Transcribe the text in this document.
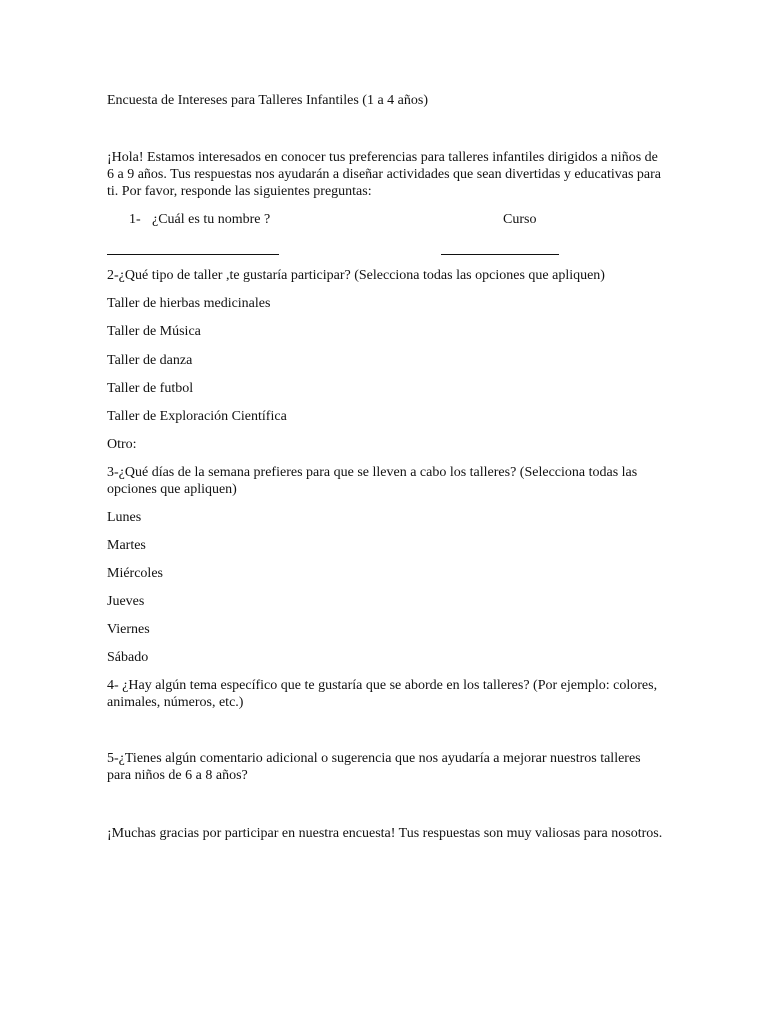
Encuesta de Intereses para Talleres Infantiles (1 a 4 años)
¡Hola! Estamos interesados en conocer tus preferencias para talleres infantiles dirigidos a niños de 6 a 9 años. Tus respuestas nos ayudarán a diseñar actividades que sean divertidas y educativas para ti. Por favor, responde las siguientes preguntas:
1- ¿Cuál es tu nombre ?	Curso
2-¿Qué tipo de taller ,te gustaría participar? (Selecciona todas las opciones que apliquen)
Taller de hierbas medicinales
Taller de Música
Taller de danza
Taller de futbol
Taller de Exploración Científica
Otro:
3-¿Qué días de la semana prefieres para que se lleven a cabo los talleres? (Selecciona todas las opciones que apliquen)
Lunes
Martes
Miércoles
Jueves
Viernes
Sábado
4- ¿Hay algún tema específico que te gustaría que se aborde en los talleres? (Por ejemplo: colores, animales, números, etc.)
5-¿Tienes algún comentario adicional o sugerencia que nos ayudaría a mejorar nuestros talleres para niños de 6 a 8 años?
¡Muchas gracias por participar en nuestra encuesta! Tus respuestas son muy valiosas para nosotros.
